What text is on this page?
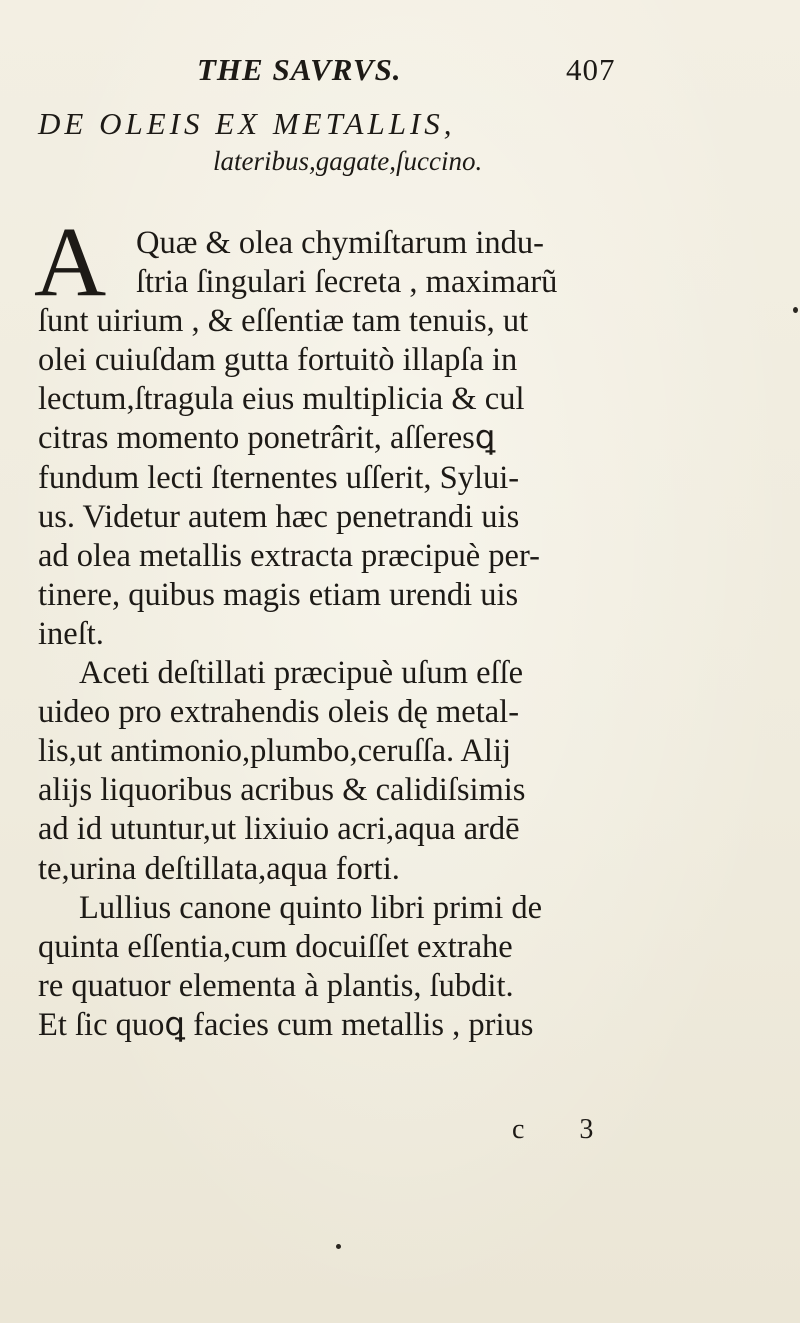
THE SAVRVS.	407
DE OLEIS EX METALLIS,
lateribus,gagate,ſuccino.
A Quæ & olea chymiſtarum indu-
ſtria ſingulari ſecreta , maximarũ
ſunt uirium , & eſſentiæ tam tenuis, ut
olei cuiuſdam gutta fortuitò illapſa in
lectum,ſtragula eius multiplicia & cul
citras momento ponetrârit, aſſeresꝗ
fundum lecti ſternentes uſſerit, Sylui-
us. Videtur autem hæc penetrandi uis
ad olea metallis extracta præcipuè per-
tinere, quibus magis etiam urendi uis
ineſt.
Aceti deſtillati præcipuè uſum eſſe
uideo pro extrahendis oleis dę metal-
lis,ut antimonio,plumbo,ceruſſa. Alij
alijs liquoribus acribus & calidiſsimis
ad id utuntur,ut lixiuio acri,aqua ardē
te,urina deſtillata,aqua forti.
Lullius canone quinto libri primi de
quinta eſſentia,cum docuiſſet extrahe
re quatuor elementa à plantis, ſubdit.
Et ſic quoꝗ facies cum metallis , prius
c 3
